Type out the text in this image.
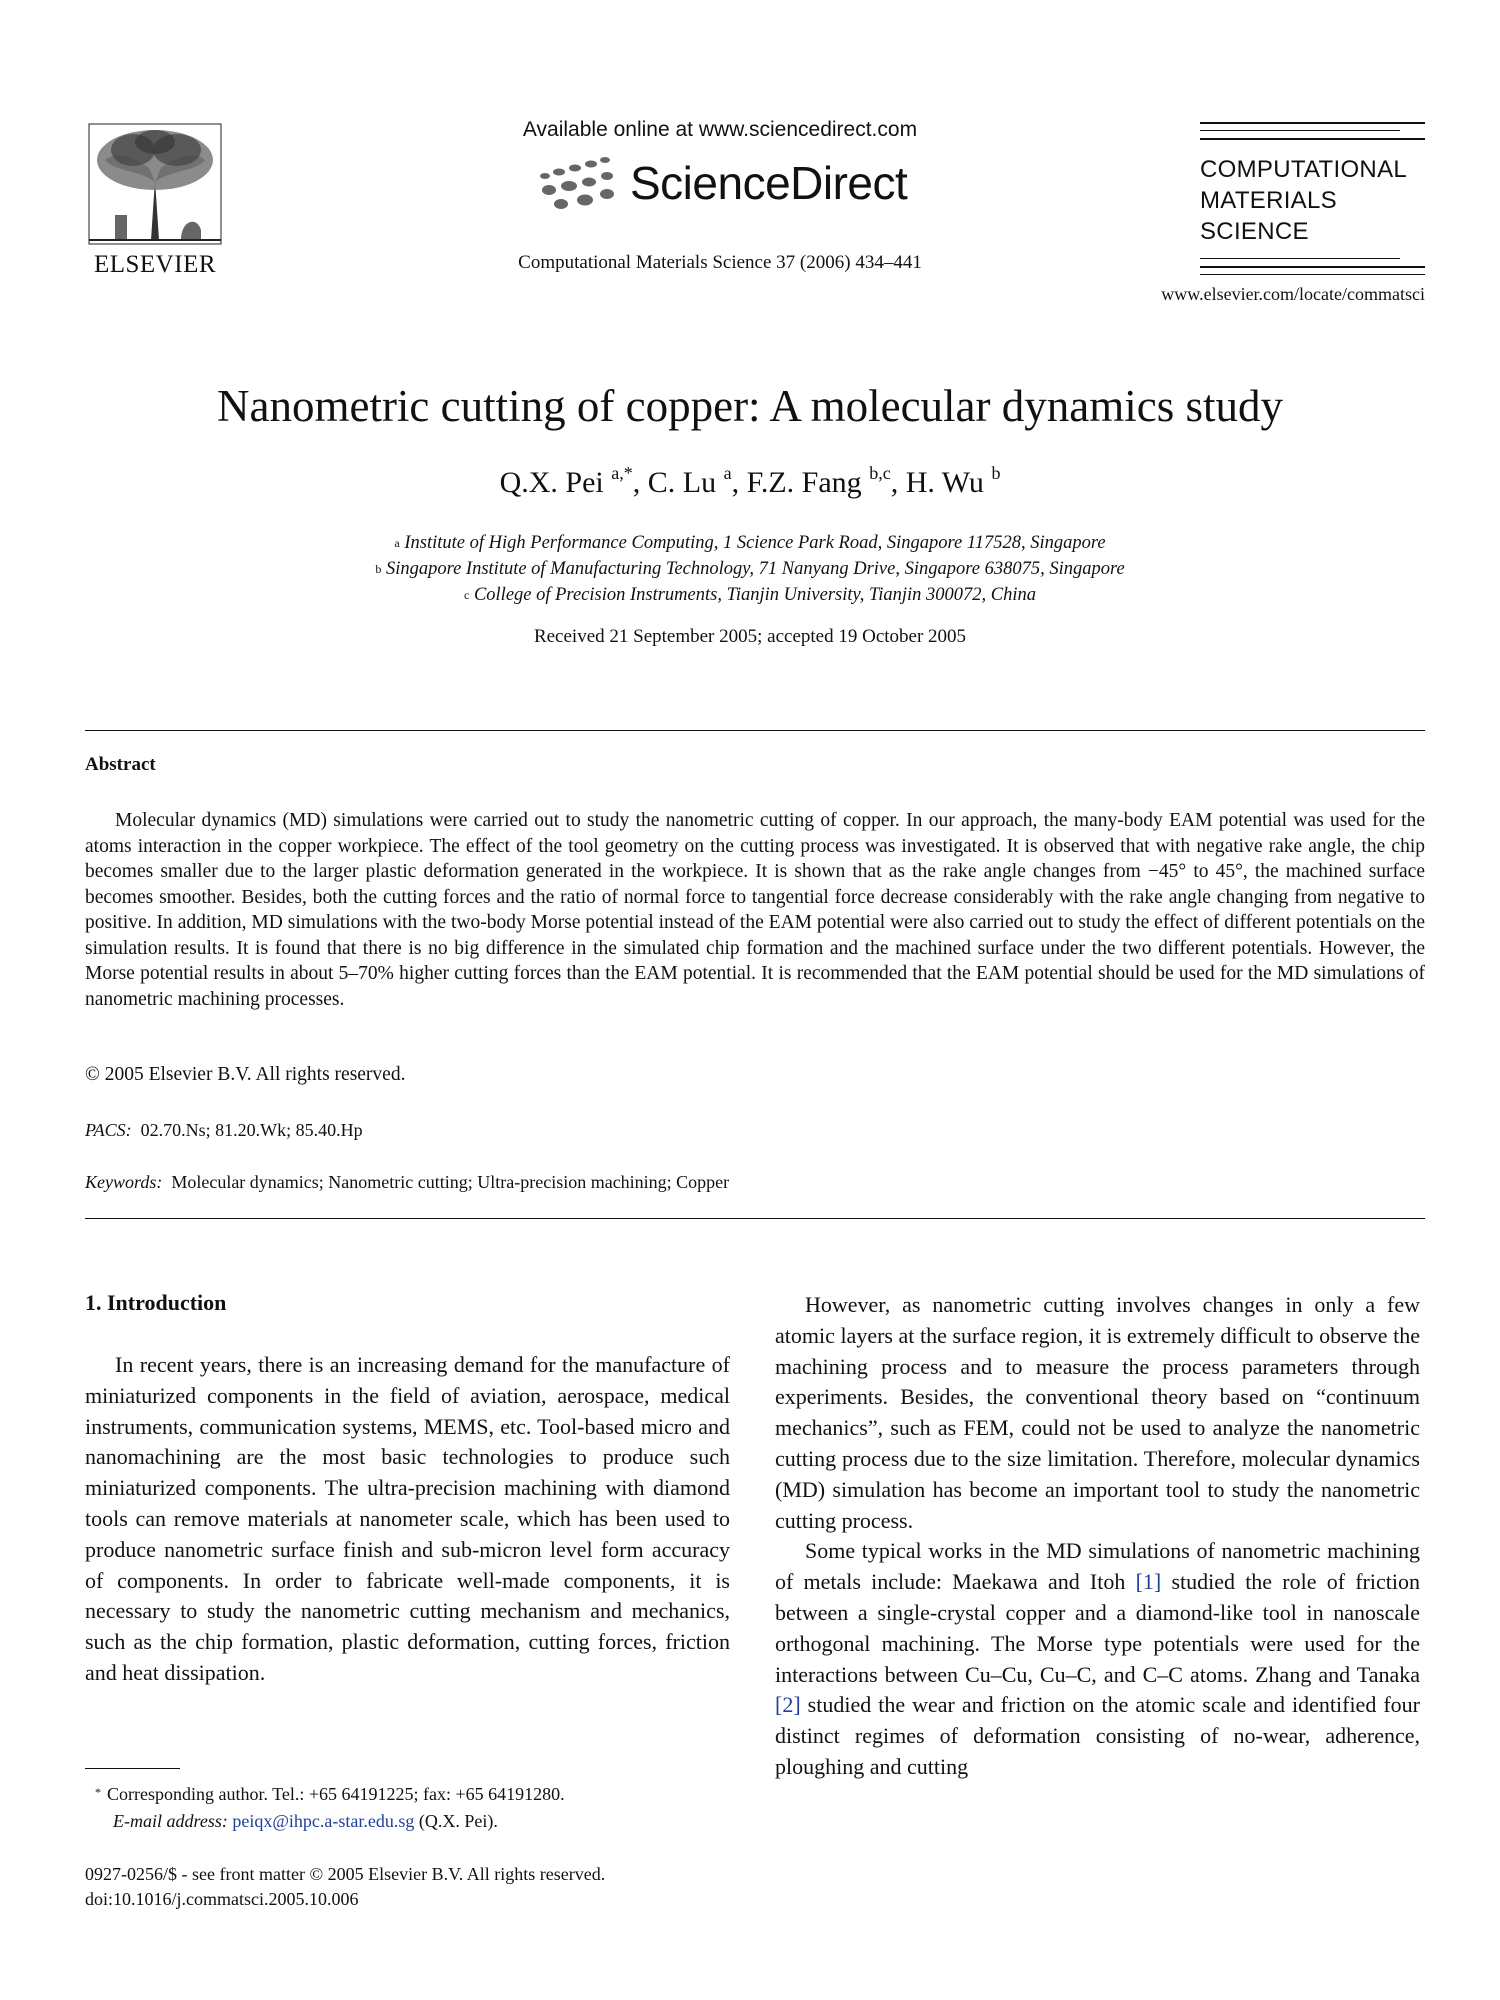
ELSEVIER
Available online at www.sciencedirect.com
ScienceDirect
Computational Materials Science 37 (2006) 434–441
COMPUTATIONAL
MATERIALS
SCIENCE
www.elsevier.com/locate/commatsci
Nanometric cutting of copper: A molecular dynamics study
Q.X. Pei $^{a,*}$, C. Lu $^a$, F.Z. Fang $^{b,c}$, H. Wu $^b$
$^a$ Institute of High Performance Computing, 1 Science Park Road, Singapore 117528, Singapore
$^b$ Singapore Institute of Manufacturing Technology, 71 Nanyang Drive, Singapore 638075, Singapore
$^c$ College of Precision Instruments, Tianjin University, Tianjin 300072, China
Received 21 September 2005; accepted 19 October 2005
Abstract
Molecular dynamics (MD) simulations were carried out to study the nanometric cutting of copper. In our approach, the many-body EAM potential was used for the atoms interaction in the copper workpiece. The effect of the tool geometry on the cutting process was investigated. It is observed that with negative rake angle, the chip becomes smaller due to the larger plastic deformation generated in the workpiece. It is shown that as the rake angle changes from −45° to 45°, the machined surface becomes smoother. Besides, both the cutting forces and the ratio of normal force to tangential force decrease considerably with the rake angle changing from negative to positive. In addition, MD simulations with the two-body Morse potential instead of the EAM potential were also carried out to study the effect of different potentials on the simulation results. It is found that there is no big difference in the simulated chip formation and the machined surface under the two different potentials. However, the Morse potential results in about 5–70% higher cutting forces than the EAM potential. It is recommended that the EAM potential should be used for the MD simulations of nanometric machining processes.
© 2005 Elsevier B.V. All rights reserved.
PACS: 02.70.Ns; 81.20.Wk; 85.40.Hp
Keywords: Molecular dynamics; Nanometric cutting; Ultra-precision machining; Copper
1. Introduction

In recent years, there is an increasing demand for the manufacture of miniaturized components in the field of aviation, aerospace, medical instruments, communication systems, MEMS, etc. Tool-based micro and nanomachining are the most basic technologies to produce such miniaturized components. The ultra-precision machining with diamond tools can remove materials at nanometer scale, which has been used to produce nanometric surface finish and sub-micron level form accuracy of components. In order to fabricate well-made components, it is necessary to study the nanometric cutting mechanism and mechanics, such as the chip formation, plastic deformation, cutting forces, friction and heat dissipation.

However, as nanometric cutting involves changes in only a few atomic layers at the surface region, it is extremely difficult to observe the machining process and to measure the process parameters through experiments. Besides, the conventional theory based on “continuum mechanics”, such as FEM, could not be used to analyze the nanometric cutting process due to the size limitation. Therefore, molecular dynamics (MD) simulation has become an important tool to study the nanometric cutting process.

Some typical works in the MD simulations of nanometric machining of metals include: Maekawa and Itoh [1] studied the role of friction between a single-crystal copper and a diamond-like tool in nanoscale orthogonal machining. The Morse type potentials were used for the interactions between Cu–Cu, Cu–C, and C–C atoms. Zhang and Tanaka [2] studied the wear and friction on the atomic scale and identified four distinct regimes of deformation consisting of no-wear, adherence, ploughing and cutting

* Corresponding author. Tel.: +65 64191225; fax: +65 64191280.
E-mail address: peiqx@ihpc.a-star.edu.sg (Q.X. Pei).
0927-0256/$ - see front matter © 2005 Elsevier B.V. All rights reserved.
doi:10.1016/j.commatsci.2005.10.006
